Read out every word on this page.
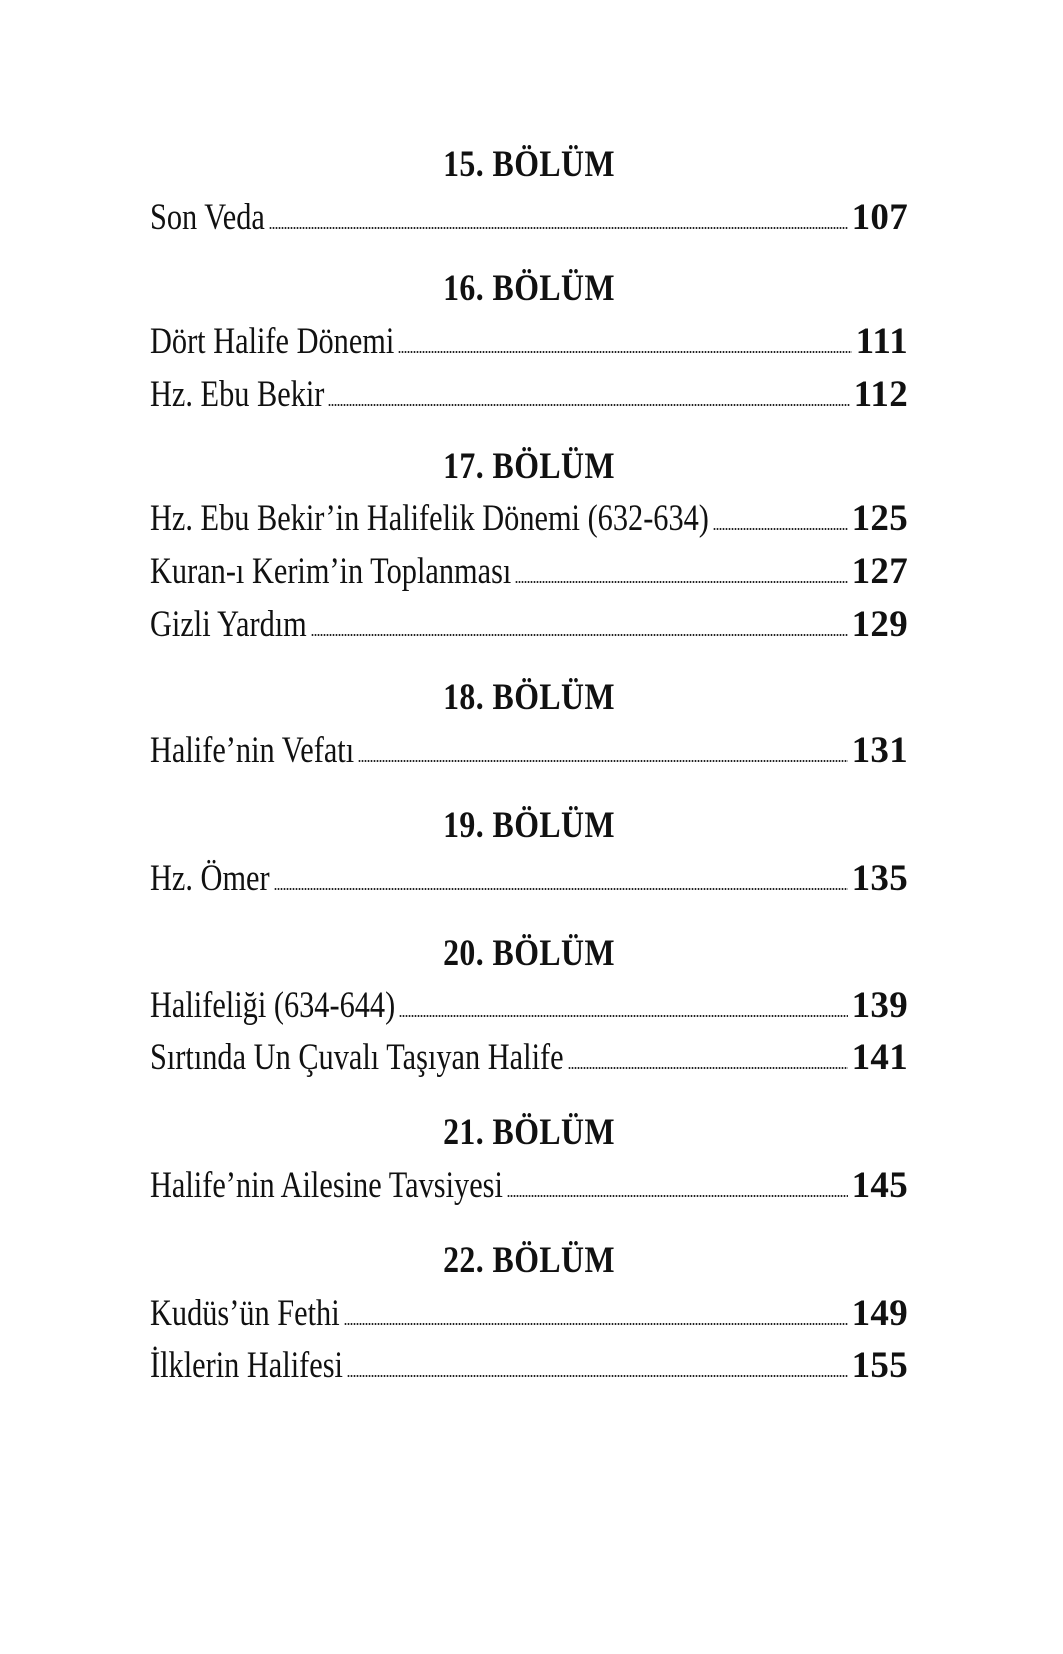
15. BÖLÜM
Son Veda	107
16. BÖLÜM
Dört Halife Dönemi	111
Hz. Ebu Bekir	112
17. BÖLÜM
Hz. Ebu Bekir’in Halifelik Dönemi (632-634)	125
Kuran-ı Kerim’in Toplanması	127
Gizli Yardım	129
18. BÖLÜM
Halife’nin Vefatı	131
19. BÖLÜM
Hz. Ömer	135
20. BÖLÜM
Halifeliği (634-644)	139
Sırtında Un Çuvalı Taşıyan Halife	141
21. BÖLÜM
Halife’nin Ailesine Tavsiyesi	145
22. BÖLÜM
Kudüs’ün Fethi	149
İlklerin Halifesi	155
